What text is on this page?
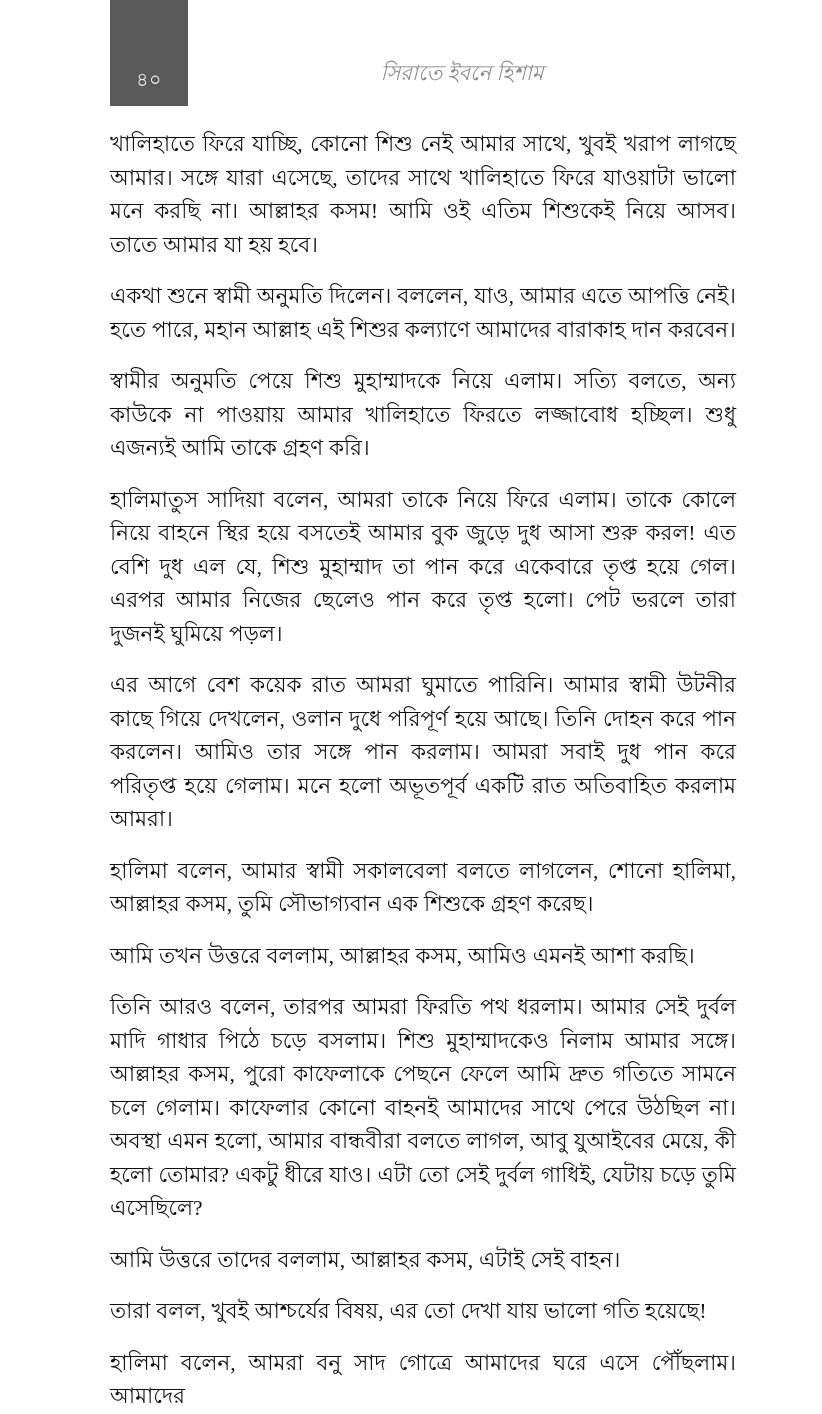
৪০	সিরাতে ইবনে হিশাম

খালিহাতে ফিরে যাচ্ছি, কোনো শিশু নেই আমার সাথে, খুবই খরাপ লাগছে আমার। সঙ্গে যারা এসেছে, তাদের সাথে খালিহাতে ফিরে যাওয়াটা ভালো মনে করছি না। আল্লাহর কসম! আমি ওই এতিম শিশুকেই নিয়ে আসব। তাতে আমার যা হয় হবে।

একথা শুনে স্বামী অনুমতি দিলেন। বললেন, যাও, আমার এতে আপত্তি নেই। হতে পারে, মহান আল্লাহ এই শিশুর কল্যাণে আমাদের বারাকাহ দান করবেন।

স্বামীর অনুমতি পেয়ে শিশু মুহাম্মাদকে নিয়ে এলাম। সত্যি বলতে, অন্য কাউকে না পাওয়ায় আমার খালিহাতে ফিরতে লজ্জাবোধ হচ্ছিল। শুধু এজন্যই আমি তাকে গ্রহণ করি।

হালিমাতুস সাদিয়া বলেন, আমরা তাকে নিয়ে ফিরে এলাম। তাকে কোলে নিয়ে বাহনে স্থির হয়ে বসতেই আমার বুক জুড়ে দুধ আসা শুরু করল! এত বেশি দুধ এল যে, শিশু মুহাম্মাদ তা পান করে একেবারে তৃপ্ত হয়ে গেল। এরপর আমার নিজের ছেলেও পান করে তৃপ্ত হলো। পেট ভরলে তারা দুজনই ঘুমিয়ে পড়ল।

এর আগে বেশ কয়েক রাত আমরা ঘুমাতে পারিনি। আমার স্বামী উটনীর কাছে গিয়ে দেখলেন, ওলান দুধে পরিপূর্ণ হয়ে আছে। তিনি দোহন করে পান করলেন। আমিও তার সঙ্গে পান করলাম। আমরা সবাই দুধ পান করে পরিতৃপ্ত হয়ে গেলাম। মনে হলো অভূতপূর্ব একটি রাত অতিবাহিত করলাম আমরা।

হালিমা বলেন, আমার স্বামী সকালবেলা বলতে লাগলেন, শোনো হালিমা, আল্লাহর কসম, তুমি সৌভাগ্যবান এক শিশুকে গ্রহণ করেছ।

আমি তখন উত্তরে বললাম, আল্লাহর কসম, আমিও এমনই আশা করছি।

তিনি আরও বলেন, তারপর আমরা ফিরতি পথ ধরলাম। আমার সেই দুর্বল মাদি গাধার পিঠে চড়ে বসলাম। শিশু মুহাম্মাদকেও নিলাম আমার সঙ্গে। আল্লাহর কসম, পুরো কাফেলাকে পেছনে ফেলে আমি দ্রুত গতিতে সামনে চলে গেলাম। কাফেলার কোনো বাহনই আমাদের সাথে পেরে উঠছিল না। অবস্থা এমন হলো, আমার বান্ধবীরা বলতে লাগল, আবু যুআইবের মেয়ে, কী হলো তোমার? একটু ধীরে যাও। এটা তো সেই দুর্বল গাধিই, যেটায় চড়ে তুমি এসেছিলে?

আমি উত্তরে তাদের বললাম, আল্লাহর কসম, এটাই সেই বাহন।

তারা বলল, খুবই আশ্চর্যের বিষয়, এর তো দেখা যায় ভালো গতি হয়েছে!

হালিমা বলেন, আমরা বনু সাদ গোত্রে আমাদের ঘরে এসে পৌঁছলাম। আমাদের
